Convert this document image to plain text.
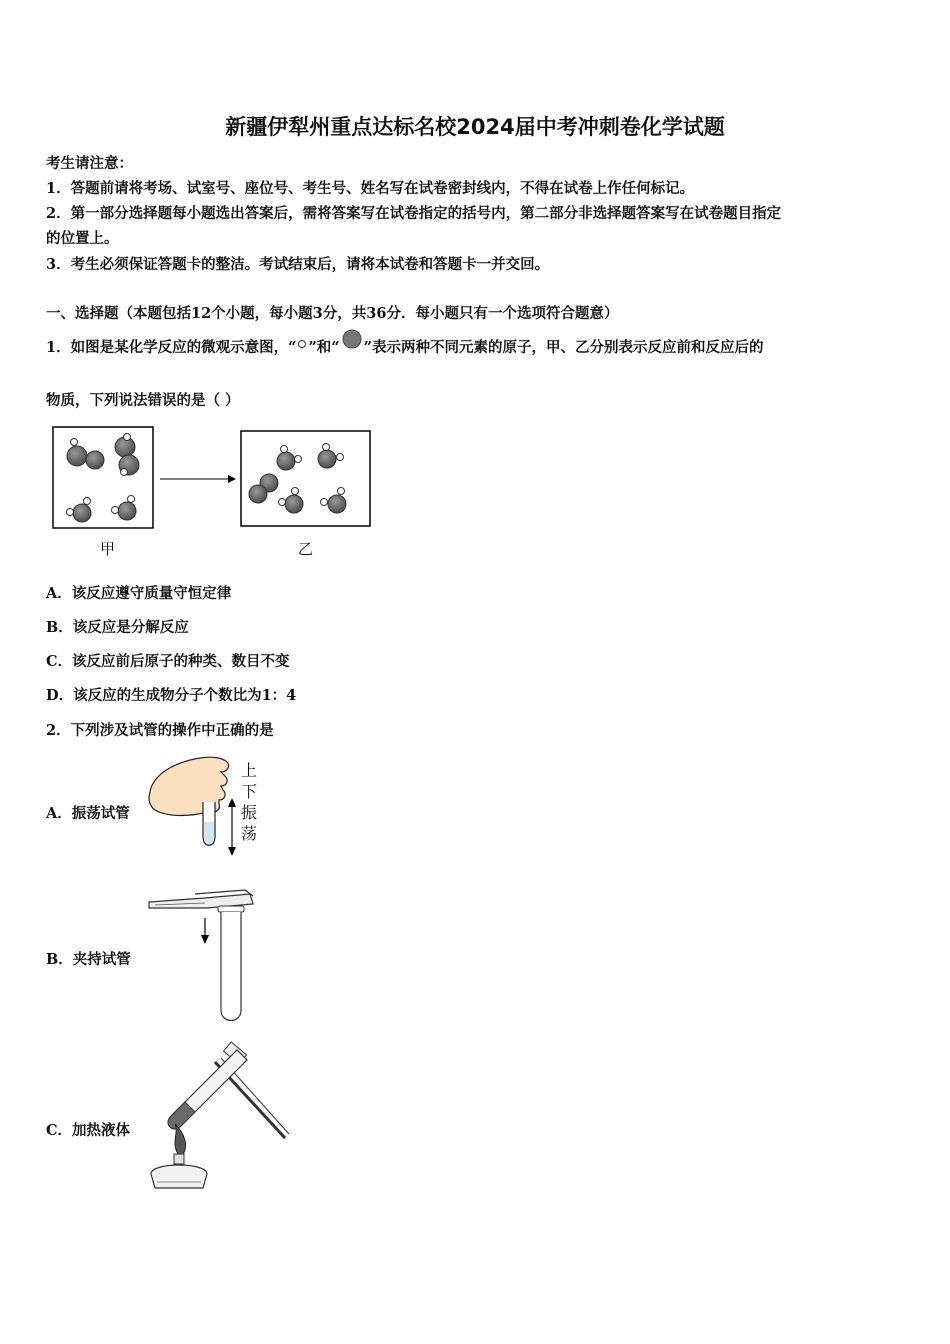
新疆伊犁州重点达标名校2024届中考冲刺卷化学试题
考生请注意：
1．答题前请将考场、试室号、座位号、考生号、姓名写在试卷密封线内，不得在试卷上作任何标记。
2．第一部分选择题每小题选出答案后，需将答案写在试卷指定的括号内，第二部分非选择题答案写在试卷题目指定
的位置上。
3．考生必须保证答题卡的整洁。考试结束后，请将本试卷和答题卡一并交回。
一、选择题（本题包括12个小题，每小题3分，共36分．每小题只有一个选项符合题意）
1．如图是某化学反应的微观示意图，“ ”和“ ”表示两种不同元素的原子，甲、乙分别表示反应前和反应后的
物质，下列说法错误的是（ ）
甲	乙
A．该反应遵守质量守恒定律
B．该反应是分解反应
C．该反应前后原子的种类、数目不变
D．该反应的生成物分子个数比为1：4
2．下列涉及试管的操作中正确的是
A．振荡试管
上
下
振
荡
B．夹持试管
C．加热液体
